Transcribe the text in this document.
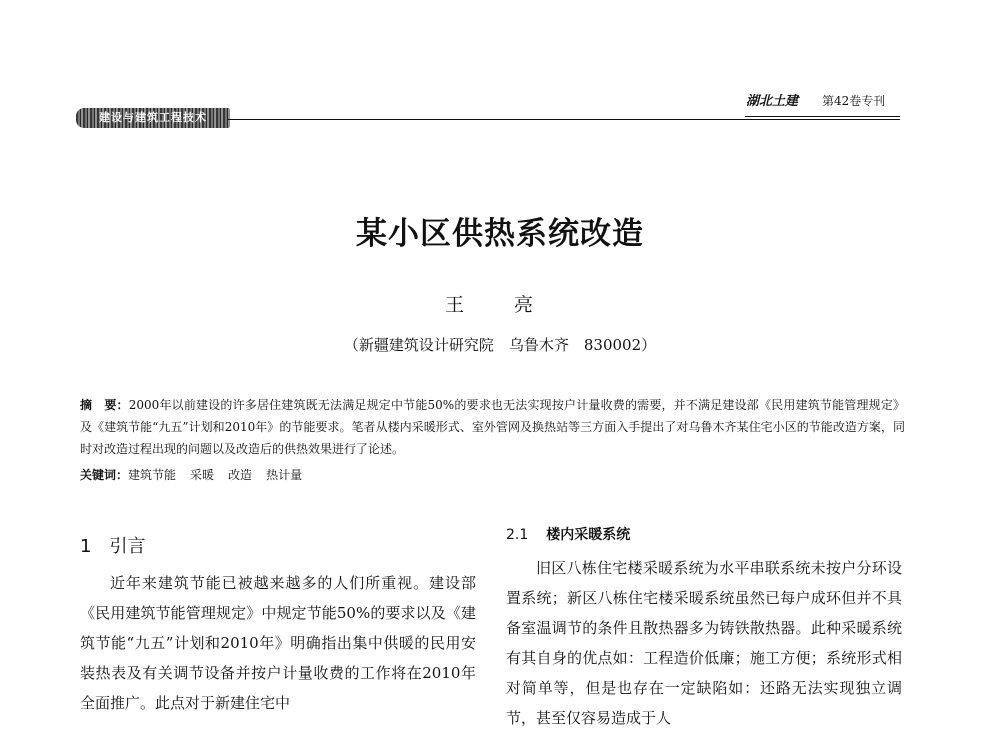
建设与建筑工程技术
湖北土建 第42卷专刊
某小区供热系统改造
王 亮
（新疆建筑设计研究院　乌鲁木齐　830002）
摘　要：2000年以前建设的许多居住建筑既无法满足规定中节能50%的要求也无法实现按户计量收费的需要，并不满足建设部《民用建筑节能管理规定》及《建筑节能“九五”计划和2010年》的节能要求。笔者从楼内采暖形式、室外管网及换热站等三方面入手提出了对乌鲁木齐某住宅小区的节能改造方案，同时对改造过程出现的问题以及改造后的供热效果进行了论述。
关键词：建筑节能 采暖 改造 热计量
1 引言

近年来建筑节能已被越来越多的人们所重视。建设部《民用建筑节能管理规定》中规定节能50%的要求以及《建筑节能“九五”计划和2010年》明确指出集中供暖的民用安装热表及有关调节设备并按户计量收费的工作将在2010年全面推广。此点对于新建住宅中

2.1 楼内采暖系统

旧区八栋住宅楼采暖系统为水平串联系统未按户分环设置系统；新区八栋住宅楼采暖系统虽然已每户成环但并不具备室温调节的条件且散热器多为铸铁散热器。此种采暖系统有其自身的优点如：工程造价低廉；施工方便；系统形式相对简单等，但是也存在一定缺陷如：还路无法实现独立调节，甚至仅容易造成于人
